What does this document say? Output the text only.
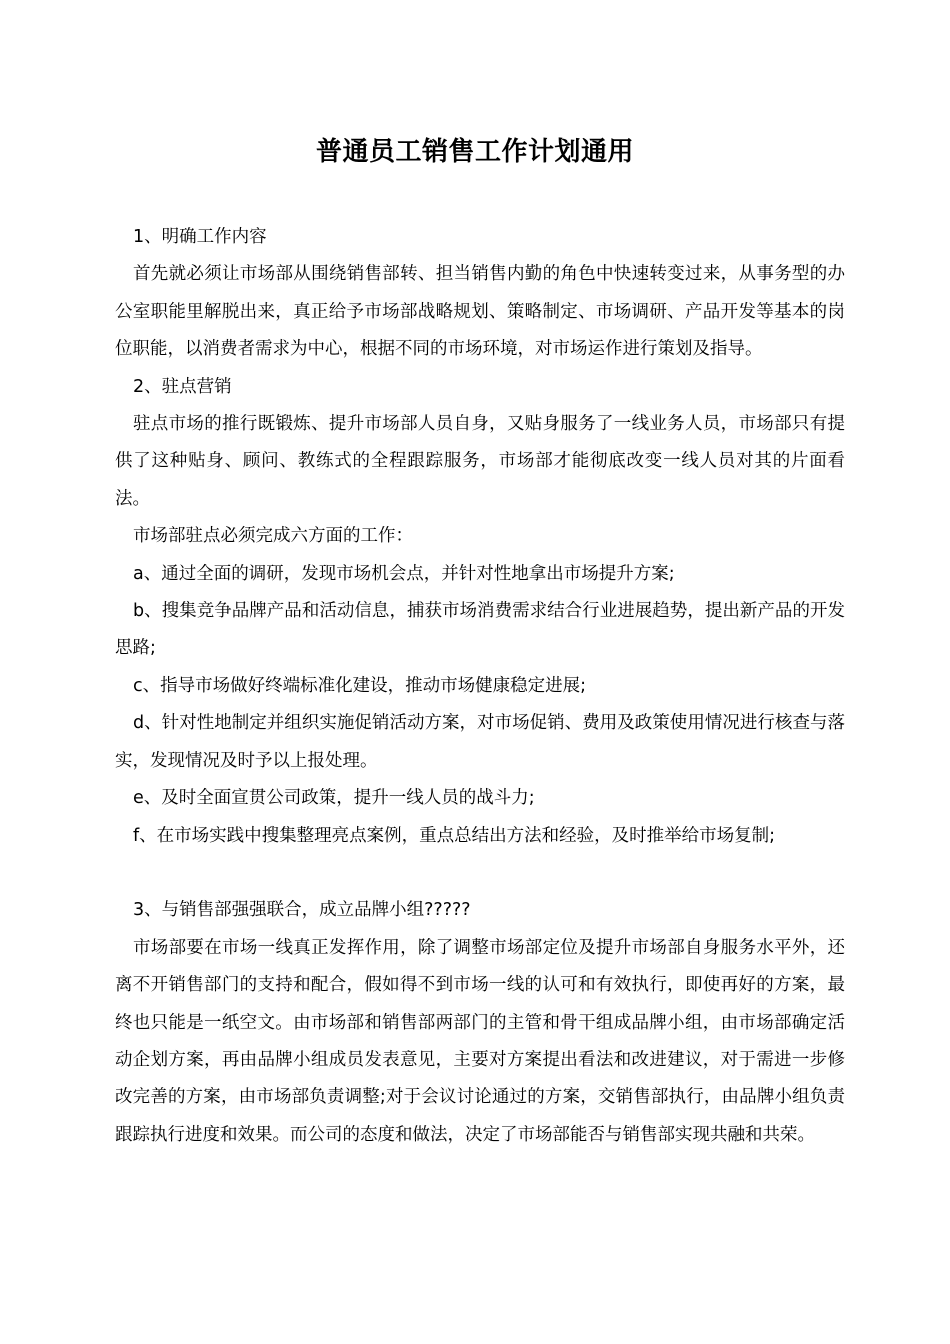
普通员工销售工作计划通用

1、明确工作内容

首先就必须让市场部从围绕销售部转、担当销售内勤的角色中快速转变过来，从事务型的办公室职能里解脱出来，真正给予市场部战略规划、策略制定、市场调研、产品开发等基本的岗位职能，以消费者需求为中心，根据不同的市场环境，对市场运作进行策划及指导。

2、驻点营销

驻点市场的推行既锻炼、提升市场部人员自身，又贴身服务了一线业务人员，市场部只有提供了这种贴身、顾问、教练式的全程跟踪服务，市场部才能彻底改变一线人员对其的片面看法。

市场部驻点必须完成六方面的工作：

a、通过全面的调研，发现市场机会点，并针对性地拿出市场提升方案;

b、搜集竞争品牌产品和活动信息，捕获市场消费需求结合行业进展趋势，提出新产品的开发思路;

c、指导市场做好终端标准化建设，推动市场健康稳定进展;

d、针对性地制定并组织实施促销活动方案，对市场促销、费用及政策使用情况进行核查与落实，发现情况及时予以上报处理。

e、及时全面宣贯公司政策，提升一线人员的战斗力;

f、在市场实践中搜集整理亮点案例，重点总结出方法和经验，及时推举给市场复制;

3、与销售部强强联合，成立品牌小组?????

市场部要在市场一线真正发挥作用，除了调整市场部定位及提升市场部自身服务水平外，还离不开销售部门的支持和配合，假如得不到市场一线的认可和有效执行，即使再好的方案，最终也只能是一纸空文。由市场部和销售部两部门的主管和骨干组成品牌小组，由市场部确定活动企划方案，再由品牌小组成员发表意见，主要对方案提出看法和改进建议，对于需进一步修改完善的方案，由市场部负责调整;对于会议讨论通过的方案，交销售部执行，由品牌小组负责跟踪执行进度和效果。而公司的态度和做法，决定了市场部能否与销售部实现共融和共荣。
